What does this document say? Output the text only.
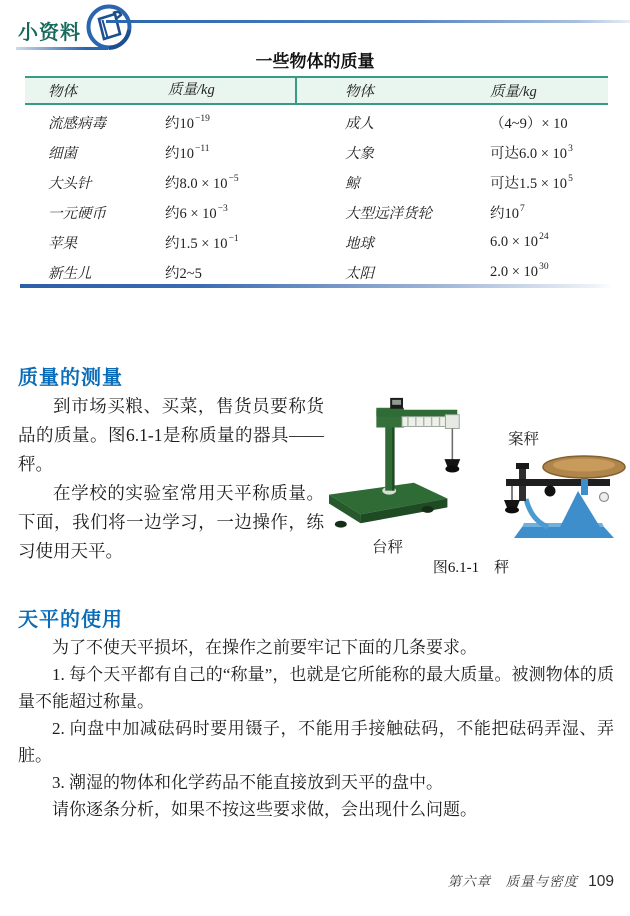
小资料
一些物体的质量
物体	质量/kg	物体	质量/kg
流感病毒	约$10^{-19}$	成人	（4~9）× 10
细菌	约$10^{-11}$	大象	可达$6.0 \times 10^3$
大头针	约$8.0 \times 10^{-5}$	鲸	可达$1.5 \times 10^5$
一元硬币	约$6 \times 10^{-3}$	大型远洋货轮	约$10^7$
苹果	约$1.5 \times 10^{-1}$	地球	$6.0 \times 10^{24}$
新生儿	约2~5	太阳	$2.0 \times 10^{30}$
质量的测量

到市场买粮、买菜，售货员要称货品的质量。图6.1-1是称质量的器具——秤。

在学校的实验室常用天平称质量。下面，我们将一边学习，一边操作，练习使用天平。	台秤
案秤
图6.1-1　秤
天平的使用

为了不使天平损坏，在操作之前要牢记下面的几条要求。

1. 每个天平都有自己的“称量”，也就是它所能称的最大质量。被测物体的质量不能超过称量。

2. 向盘中加减砝码时要用镊子，不能用手接触砝码，不能把砝码弄湿、弄脏。

3. 潮湿的物体和化学药品不能直接放到天平的盘中。

请你逐条分析，如果不按这些要求做，会出现什么问题。

第六章　质量与密度 109
